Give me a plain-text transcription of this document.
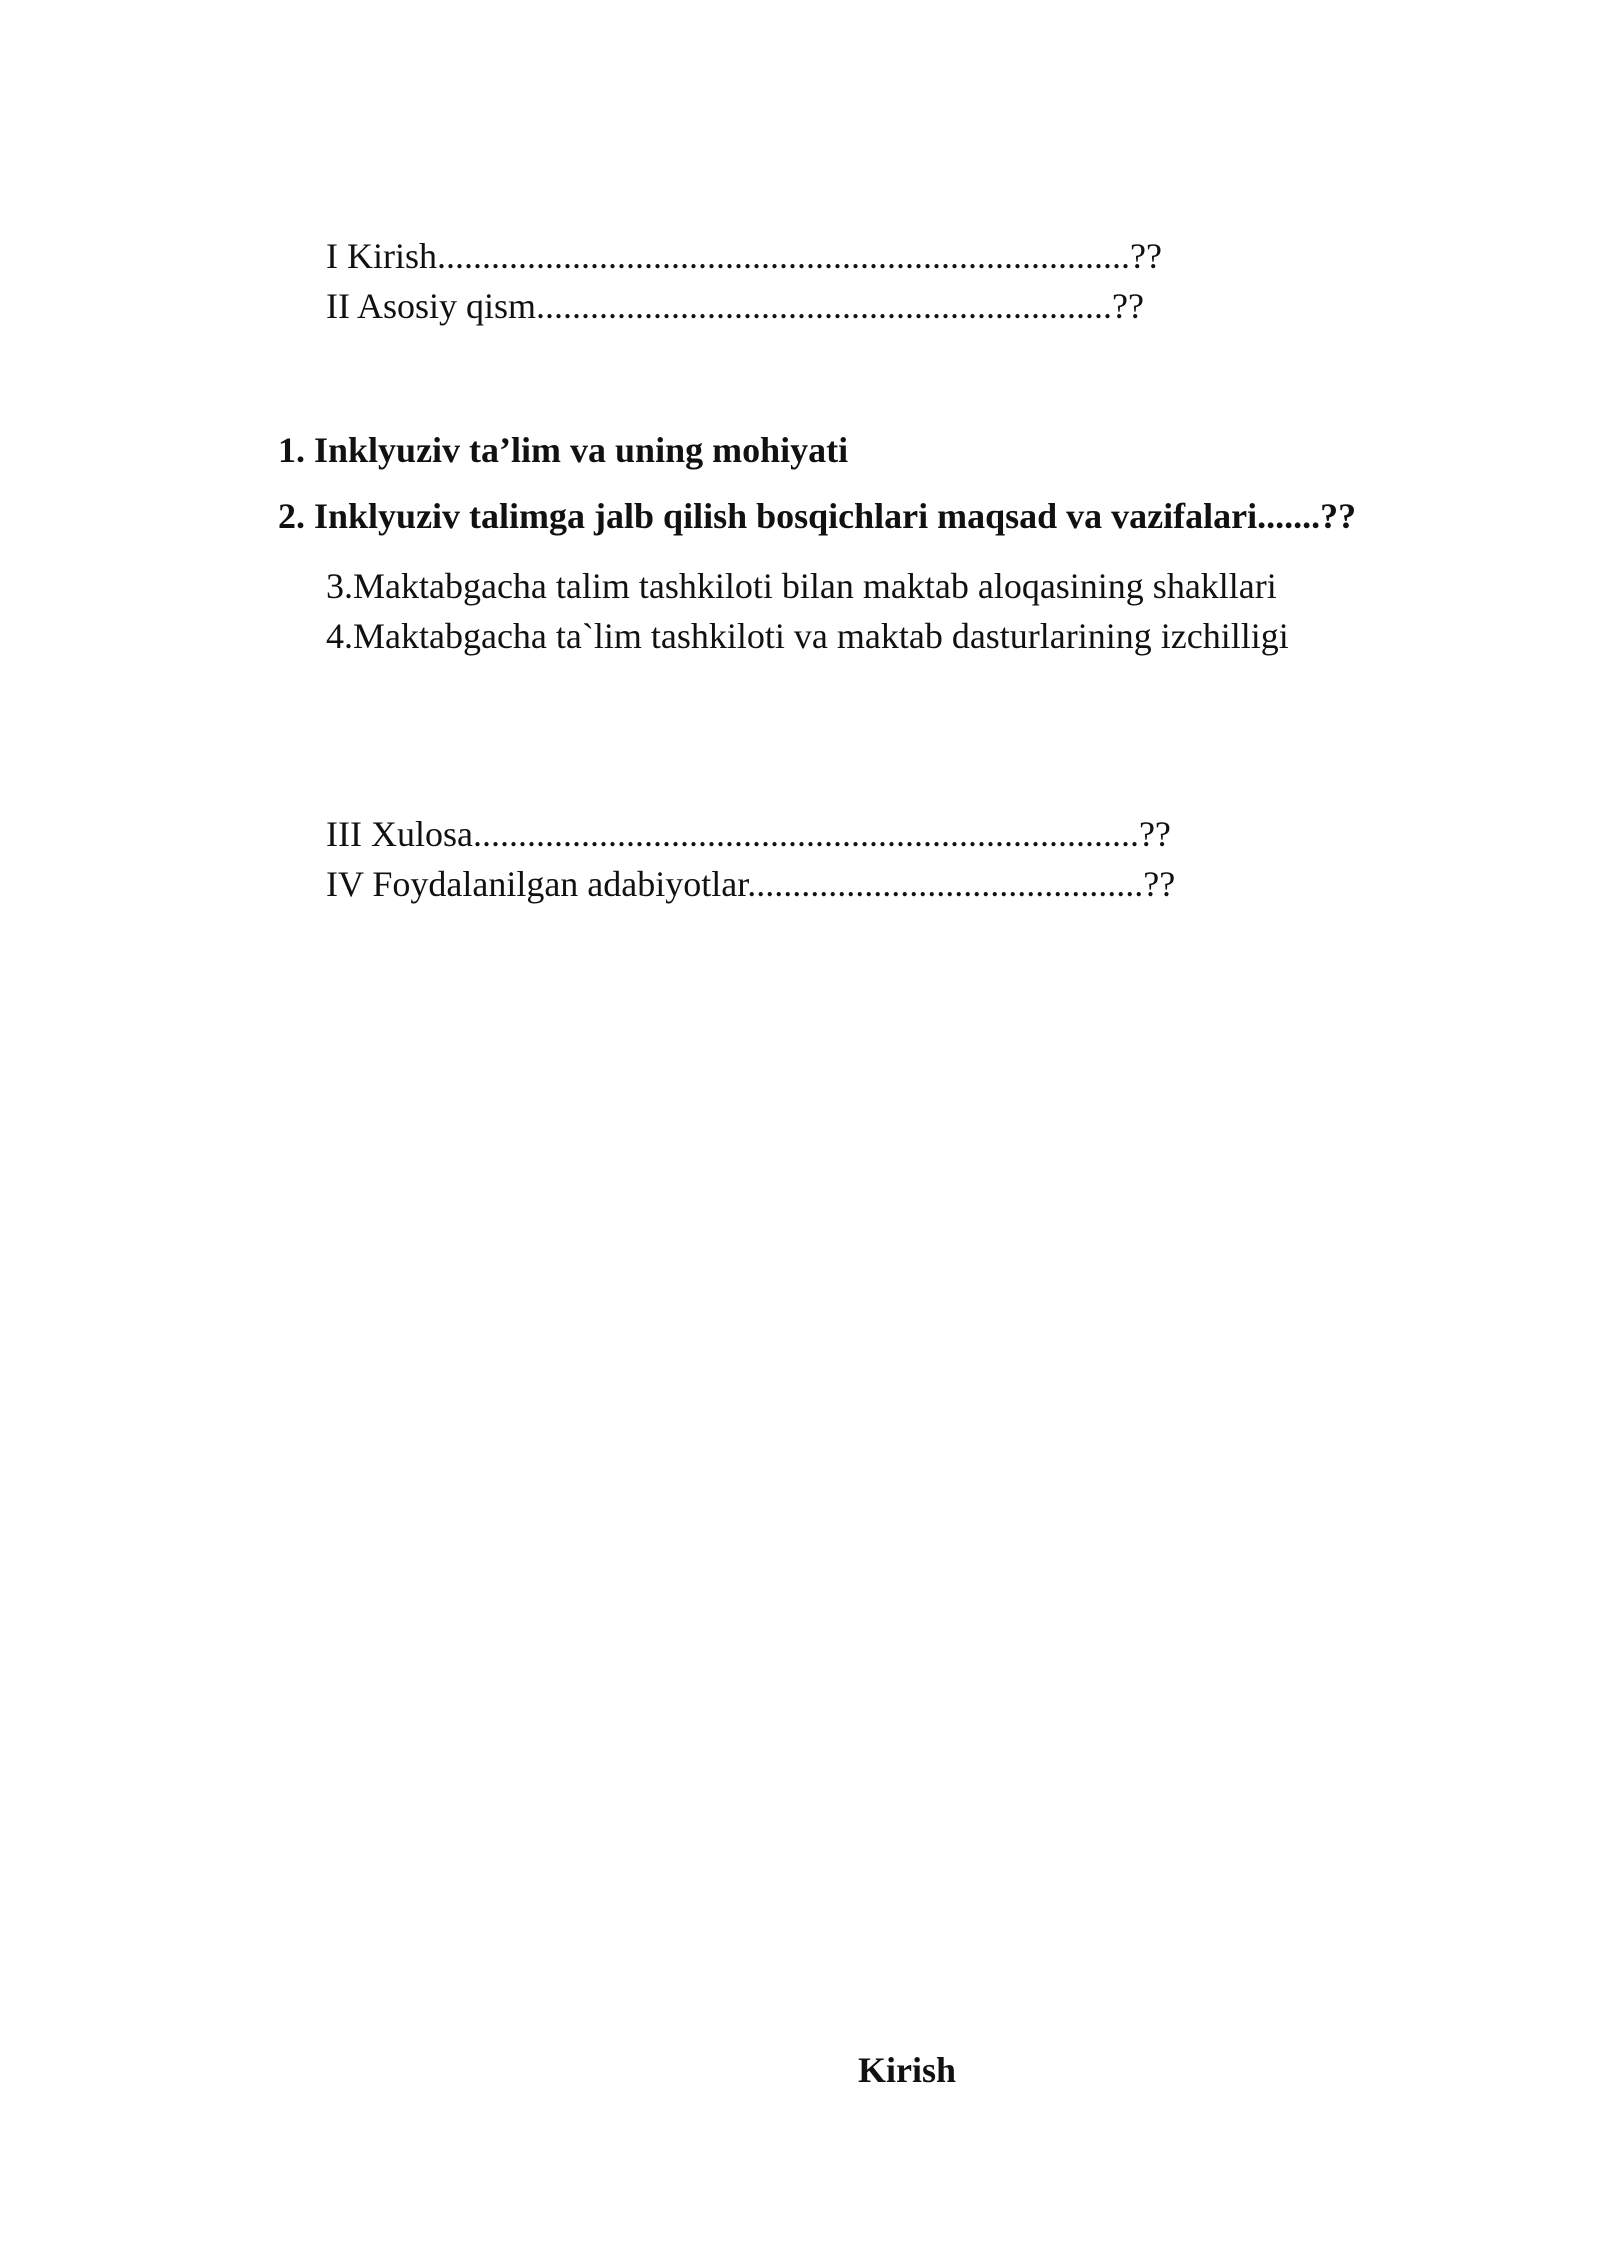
I Kirish.............................................................................??
II Asosiy qism................................................................??
1. Inklyuziv ta’lim va uning mohiyati
2. Inklyuziv talimga jalb qilish bosqichlari maqsad va vazifalari.......??
3.Maktabgacha talim tashkiloti bilan maktab aloqasining shakllari
4.Maktabgacha ta`lim tashkiloti va maktab dasturlarining izchilligi
III Xulosa..........................................................................??
IV Foydalanilgan adabiyotlar............................................??
Kirish
